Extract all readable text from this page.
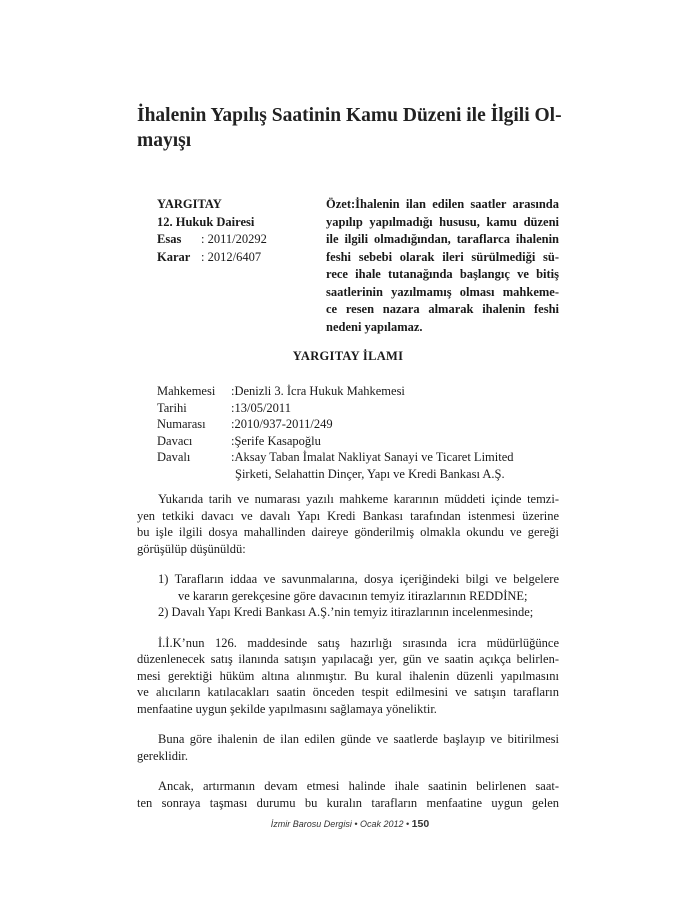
İhalenin Yapılış Saatinin Kamu Düzeni ile İlgili Ol-
mayışı
YARGITAY
12. Hukuk Dairesi
Esas : 2011/20292
Karar : 2012/6407
Özet:İhalenin ilan edilen saatler arasında
yapılıp yapılmadığı hususu, kamu düzeni
ile ilgili olmadığından, taraflarca ihalenin
feshi sebebi olarak ileri sürülmediği sü-
rece ihale tutanağında başlangıç ve bitiş
saatlerinin yazılmamış olması mahkeme-
ce resen nazara almarak ihalenin feshi
nedeni yapılamaz.
YARGITAY İLAMI
Mahkemesi	:Denizli 3. İcra Hukuk Mahkemesi
Tarihi	:13/05/2011
Numarası	:2010/937-2011/249
Davacı	:Şerife Kasapoğlu
Davalı	:Aksay Taban İmalat Nakliyat Sanayi ve Ticaret Limited
Şirketi, Selahattin Dinçer, Yapı ve Kredi Bankası A.Ş.
Yukarıda tarih ve numarası yazılı mahkeme kararının müddeti içinde temzi-
yen tetkiki davacı ve davalı Yapı Kredi Bankası tarafından istenmesi üzerine
bu işle ilgili dosya mahallinden daireye gönderilmiş olmakla okundu ve gereği
görüşülüp düşünüldü:
1) Tarafların iddaa ve savunmalarına, dosya içeriğindeki bilgi ve belgelere
ve kararın gerekçesine göre davacının temyiz itirazlarının REDDİNE;
2) Davalı Yapı Kredi Bankası A.Ş.’nin temyiz itirazlarının incelenmesinde;
İ.İ.K’nun 126. maddesinde satış hazırlığı sırasında icra müdürlüğünce
düzenlenecek satış ilanında satışın yapılacağı yer, gün ve saatin açıkça belirlen-
mesi gerektiği hüküm altına alınmıştır. Bu kural ihalenin düzenli yapılmasını
ve alıcıların katılacakları saatin önceden tespit edilmesini ve satışın tarafların
menfaatine uygun şekilde yapılmasını sağlamaya yöneliktir.
Buna göre ihalenin de ilan edilen günde ve saatlerde başlayıp ve bitirilmesi
gereklidir.
Ancak, artırmanın devam etmesi halinde ihale saatinin belirlenen saat-
ten sonraya taşması durumu bu kuralın tarafların menfaatine uygun gelen
İzmir Barosu Dergisi • Ocak 2012 • 150
